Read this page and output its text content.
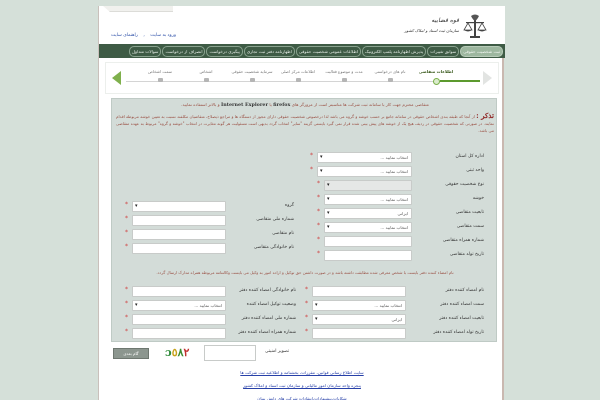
قوه قضاییه
سازمان ثبت اسناد و املاک کشور
ورود به سایت , راهنمای سایت
ثبت شخصیت حقوقی
سوابق تغییرات
پذیرش اظهارنامه پلمپ الکترونیک
اطلاعات عمومی شخصیت حقوقی
اظهارنامه دفتر ثبت تجاری
پیگیری درخواست
انصراف از درخواست
سوالات متداول
اطلاعات متقاضی
نام های درخواستی
مدت و موضوع فعالیت
اطلاعات مرکز اصلی
سرمایه شخصیت حقوقی
اشخاص
سمت اشخاص
متقاضی محترم جهت کار با سامانه ثبت شرکت ها مناسبتر است از مرورگر های firefox یا Internet Explorer و بالاتر استفاده نمایید.
تذکر : از آنجا که طبقه بندی اشخاص حقوقی در سامانه جامع بر حسب خوشه و گروه می باشد لذا درخصوص شخصیت حقوقی دارای مجوز از دستگاه ها و مراجع ذیصلاح، متقاضیان مکلفند نسبت به تعیین خوشه مربوطه اقدام نمایند. در صورتی که شخصیت حقوقی در ردیف هیچ یک از خوشه های پیش بینی شده قرار نمی گیرد بایستی گزینه "سایر" انتخاب گردد بدیهی است مسئولیت هر گونه مغایرت در انتخاب "خوشه و گروه" مربوط به عهده متقاضی می باشد.
اداره کل استان
انتخاب نمایید ...
▾
*
واحد ثبتی
انتخاب نمایید ...
▾
*
نوع شخصیت حقوقی
▾
*
خوشه
انتخاب نمایید ...
▾
*
تابعیت متقاضی
ایرانی
▾
*
سمت متقاضی
انتخاب نمایید ...
▾
*
شماره همراه متقاضی
*
تاریخ تولد متقاضی
*
گروه
▾
*
شماره ملی متقاضی
*
نام متقاضی
*
نام خانوادگی متقاضی
*
نام امضاء کننده دفتر بایست با شخص معرفی شده مطابقت داشته باشد و در صورت داشتن حق توکیل و اراده امور به وکیل می بایست وکالتنامه مربوطه همراه مدارک ارسال گردد.
نام امضاء کننده دفتر
*
سمت امضاء کننده دفتر
انتخاب نمایید ...
▾
*
تابعیت امضاء کننده دفتر
ایرانی
▾
*
تاریخ تولد امضاء کننده دفتر
*
نام خانوادگی امضاء کننده دفتر
*
وضعیت توکیل امضاء کننده
انتخاب نمایید ...
▾
*
شماره ملی امضاء کننده دفتر
*
شماره همراه امضاء کننده دفتر
*
تصویر امنیتی
ɔ٥٨٢
گام بعدی
سایت اطلاع رسانی قوانین، مقررات، بخشنامه و اطلاعیه ثبت شرکت ها
پنجره واحد سازمان امور مالیاتی و سازمان ثبت اسناد و املاک کشور
شکایات،پیشنهادات،انتقادات شرکت های دانش بنیان
